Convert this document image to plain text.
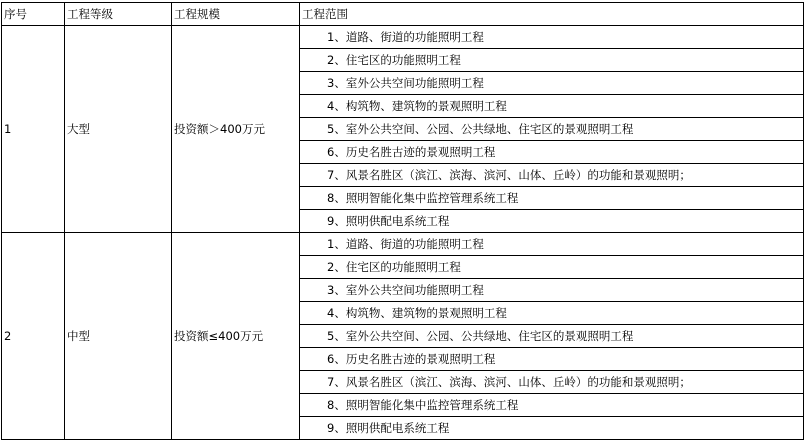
序号	工程等级	工程规模	工程范围
1	大型	投资额＞400万元	1、道路、街道的功能照明工程
			2、住宅区的功能照明工程
			3、室外公共空间功能照明工程
			4、构筑物、建筑物的景观照明工程
			5、室外公共空间、公园、公共绿地、住宅区的景观照明工程
			6、历史名胜古迹的景观照明工程
			7、风景名胜区（滨江、滨海、滨河、山体、丘岭）的功能和景观照明；
			8、照明智能化集中监控管理系统工程
			9、照明供配电系统工程
2	中型	投资额≤400万元	1、道路、街道的功能照明工程
			2、住宅区的功能照明工程
			3、室外公共空间功能照明工程
			4、构筑物、建筑物的景观照明工程
			5、室外公共空间、公园、公共绿地、住宅区的景观照明工程
			6、历史名胜古迹的景观照明工程
			7、风景名胜区（滨江、滨海、滨河、山体、丘岭）的功能和景观照明；
			8、照明智能化集中监控管理系统工程
			9、照明供配电系统工程
